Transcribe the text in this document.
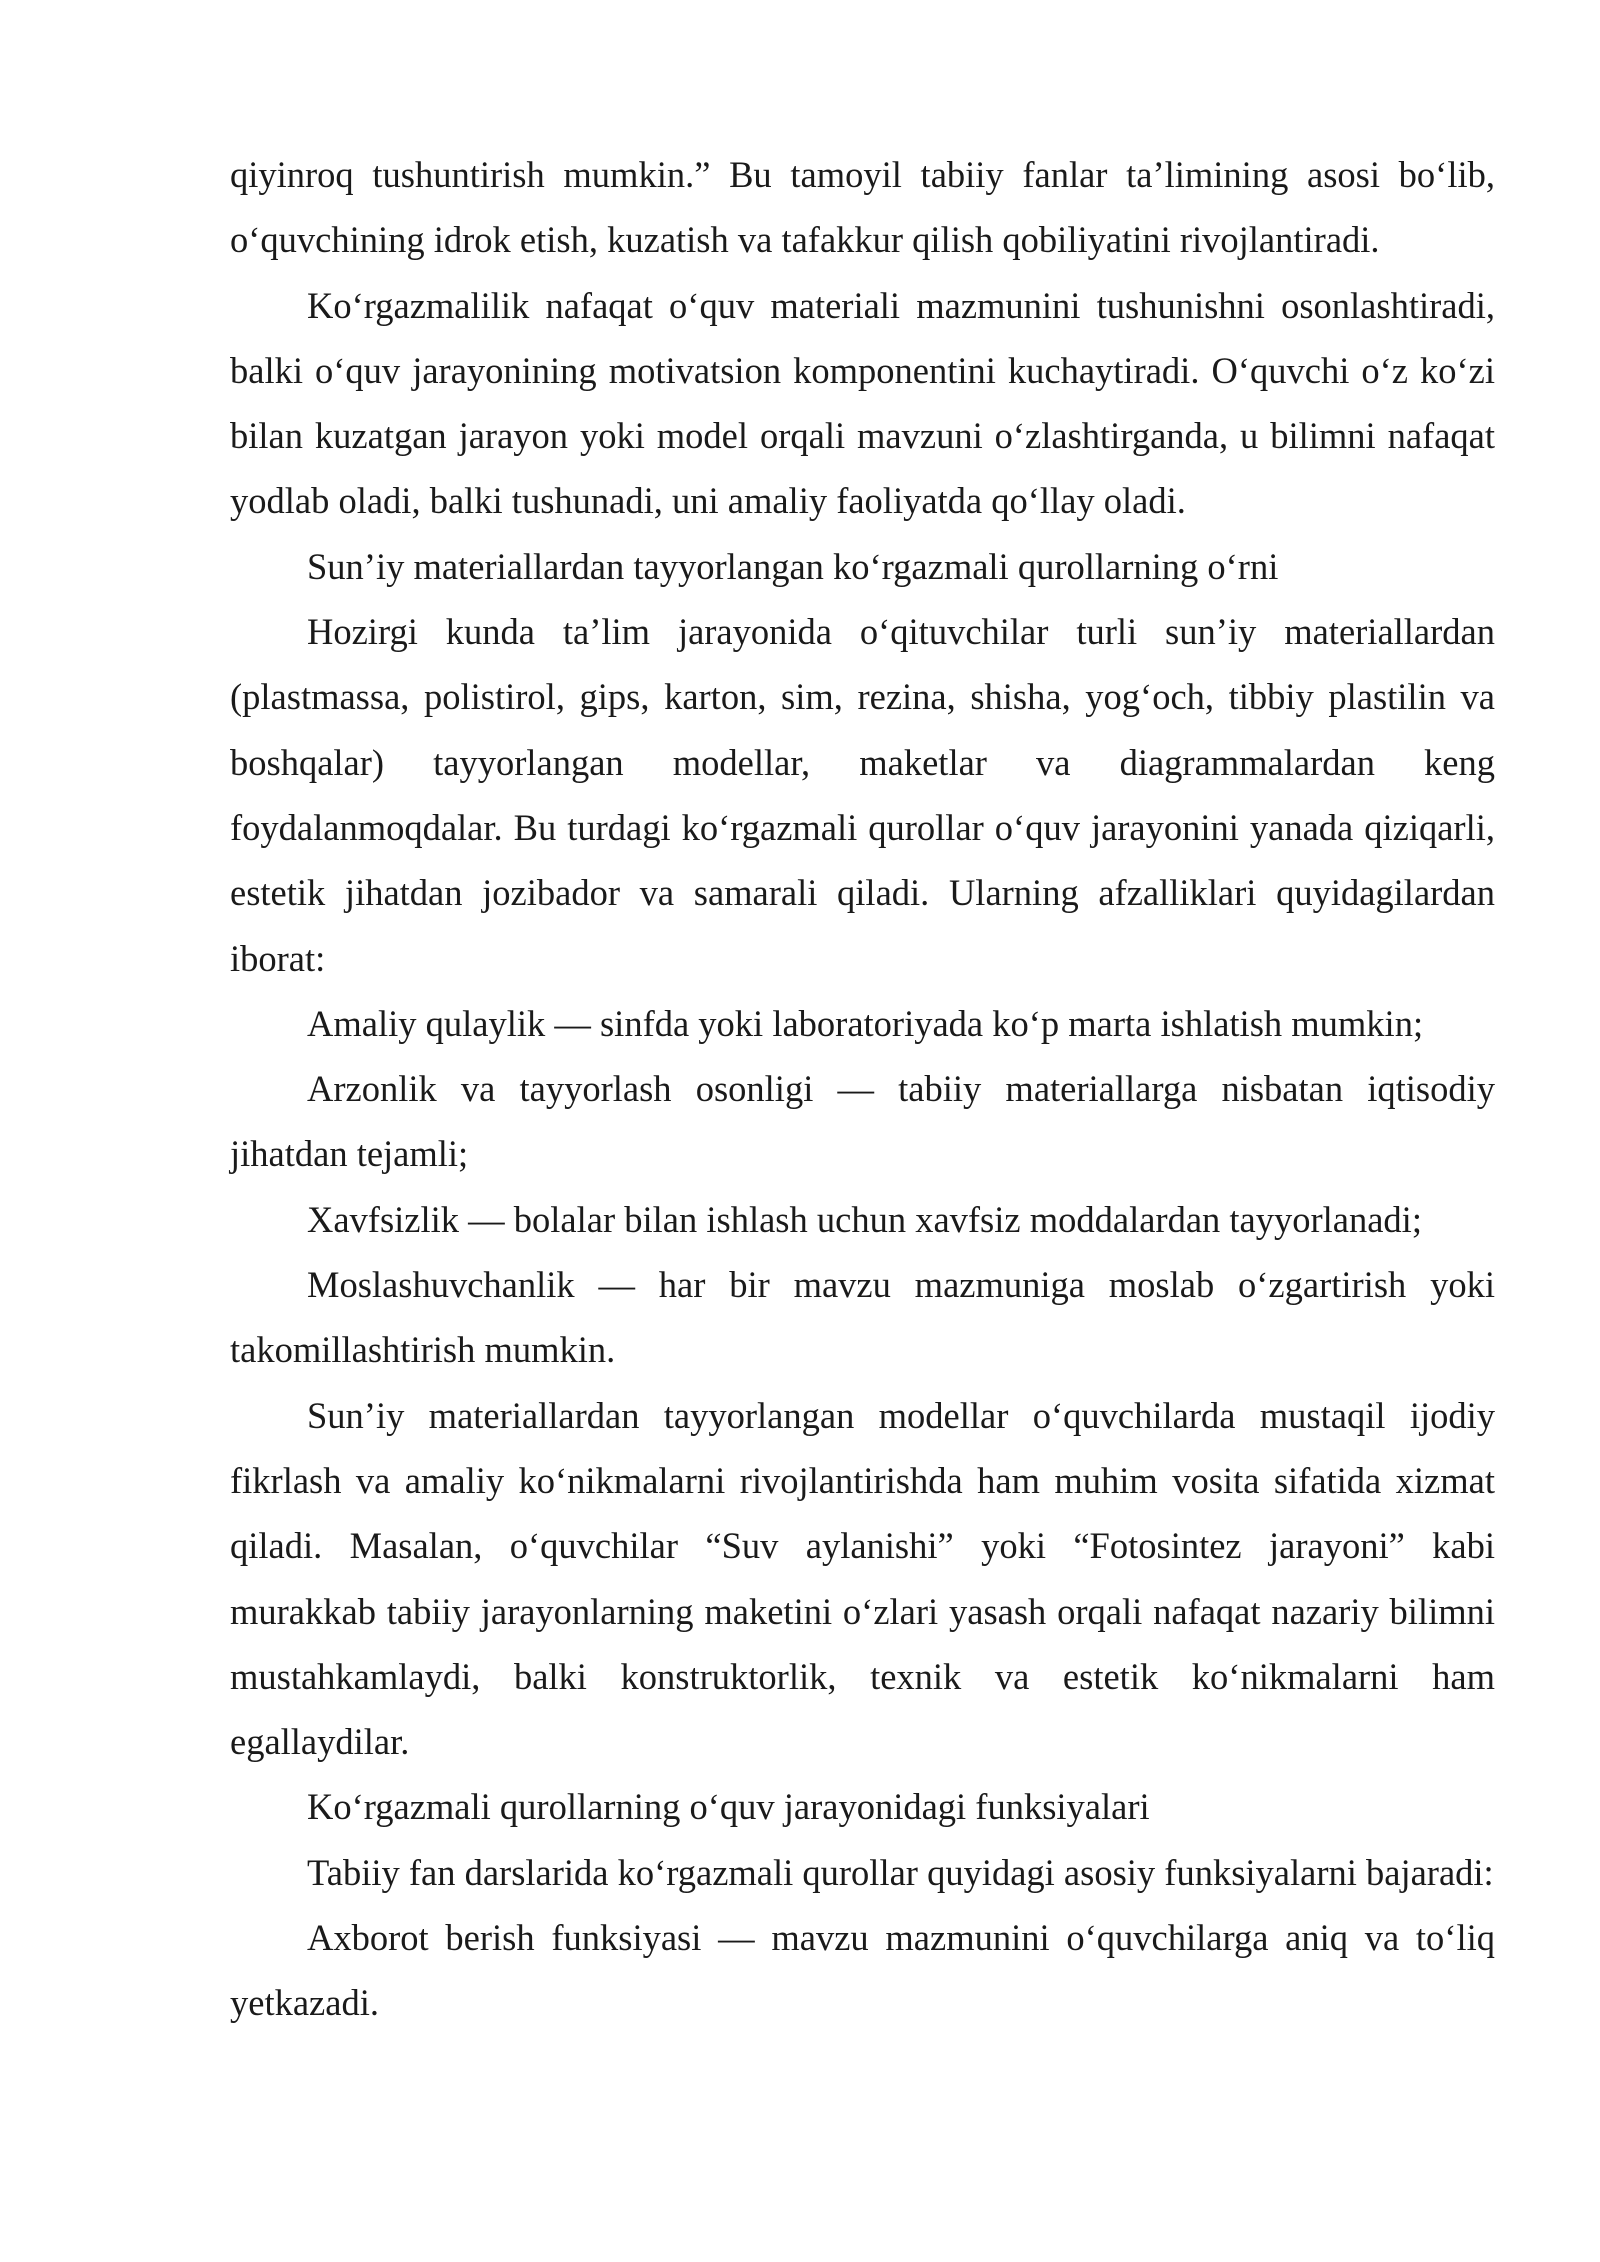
qiyinroq tushuntirish mumkin.” Bu tamoyil tabiiy fanlar ta’limining asosi bo‘lib, o‘quvchining idrok etish, kuzatish va tafakkur qilish qobiliyatini rivojlantiradi.

Ko‘rgazmalilik nafaqat o‘quv materiali mazmunini tushunishni osonlashtiradi, balki o‘quv jarayonining motivatsion komponentini kuchaytiradi. O‘quvchi o‘z ko‘zi bilan kuzatgan jarayon yoki model orqali mavzuni o‘zlashtirganda, u bilimni nafaqat yodlab oladi, balki tushunadi, uni amaliy faoliyatda qo‘llay oladi.

Sun’iy materiallardan tayyorlangan ko‘rgazmali qurollarning o‘rni

Hozirgi kunda ta’lim jarayonida o‘qituvchilar turli sun’iy materiallardan (plastmassa, polistirol, gips, karton, sim, rezina, shisha, yog‘och, tibbiy plastilin va boshqalar) tayyorlangan modellar, maketlar va diagrammalardan keng foydalanmoqdalar. Bu turdagi ko‘rgazmali qurollar o‘quv jarayonini yanada qiziqarli, estetik jihatdan jozibador va samarali qiladi. Ularning afzalliklari quyidagilardan iborat:

Amaliy qulaylik — sinfda yoki laboratoriyada ko‘p marta ishlatish mumkin;

Arzonlik va tayyorlash osonligi — tabiiy materiallarga nisbatan iqtisodiy jihatdan tejamli;

Xavfsizlik — bolalar bilan ishlash uchun xavfsiz moddalardan tayyorlanadi;

Moslashuvchanlik — har bir mavzu mazmuniga moslab o‘zgartirish yoki takomillashtirish mumkin.

Sun’iy materiallardan tayyorlangan modellar o‘quvchilarda mustaqil ijodiy fikrlash va amaliy ko‘nikmalarni rivojlantirishda ham muhim vosita sifatida xizmat qiladi. Masalan, o‘quvchilar “Suv aylanishi” yoki “Fotosintez jarayoni” kabi murakkab tabiiy jarayonlarning maketini o‘zlari yasash orqali nafaqat nazariy bilimni mustahkamlaydi, balki konstruktorlik, texnik va estetik ko‘nikmalarni ham egallaydilar.

Ko‘rgazmali qurollarning o‘quv jarayonidagi funksiyalari

Tabiiy fan darslarida ko‘rgazmali qurollar quyidagi asosiy funksiyalarni bajaradi:

Axborot berish funksiyasi — mavzu mazmunini o‘quvchilarga aniq va to‘liq yetkazadi.
